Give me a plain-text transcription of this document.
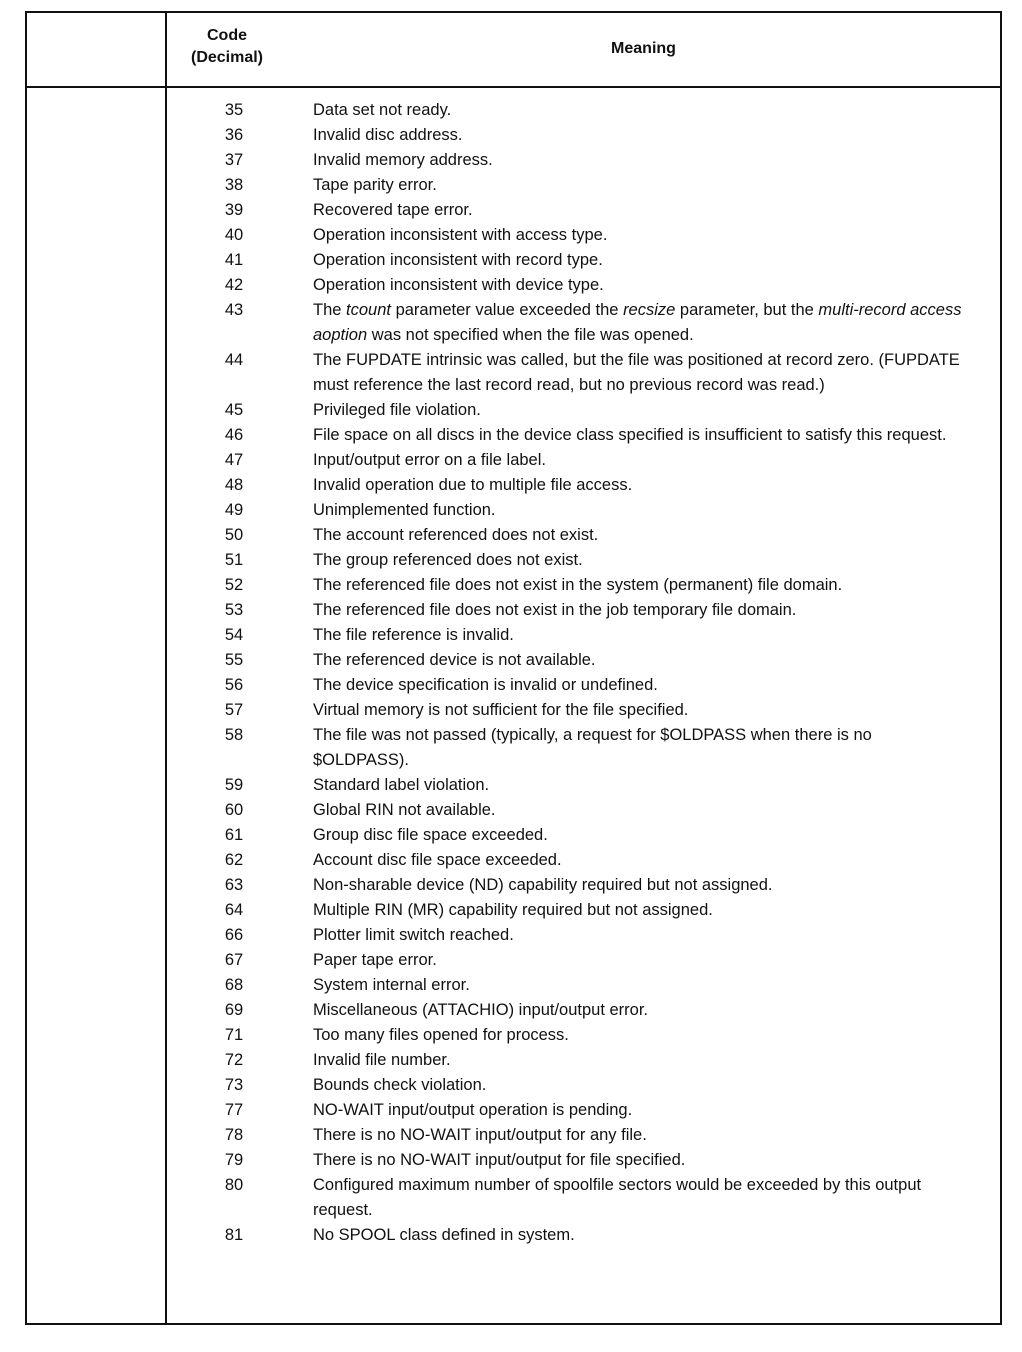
Code
(Decimal)
Meaning
35	Data set not ready.
36	Invalid disc address.
37	Invalid memory address.
38	Tape parity error.
39	Recovered tape error.
40	Operation inconsistent with access type.
41	Operation inconsistent with record type.
42	Operation inconsistent with device type.
43	The tcount parameter value exceeded the recsize parameter, but the multi-record access aoption was not specified when the file was opened.
44	The FUPDATE intrinsic was called, but the file was positioned at record zero. (FUPDATE must reference the last record read, but no previous record was read.)
45	Privileged file violation.
46	File space on all discs in the device class specified is insufficient to satisfy this request.
47	Input/output error on a file label.
48	Invalid operation due to multiple file access.
49	Unimplemented function.
50	The account referenced does not exist.
51	The group referenced does not exist.
52	The referenced file does not exist in the system (permanent) file domain.
53	The referenced file does not exist in the job temporary file domain.
54	The file reference is invalid.
55	The referenced device is not available.
56	The device specification is invalid or undefined.
57	Virtual memory is not sufficient for the file specified.
58	The file was not passed (typically, a request for $OLDPASS when there is no $OLDPASS).
59	Standard label violation.
60	Global RIN not available.
61	Group disc file space exceeded.
62	Account disc file space exceeded.
63	Non-sharable device (ND) capability required but not assigned.
64	Multiple RIN (MR) capability required but not assigned.
66	Plotter limit switch reached.
67	Paper tape error.
68	System internal error.
69	Miscellaneous (ATTACHIO) input/output error.
71	Too many files opened for process.
72	Invalid file number.
73	Bounds check violation.
77	NO-WAIT input/output operation is pending.
78	There is no NO-WAIT input/output for any file.
79	There is no NO-WAIT input/output for file specified.
80	Configured maximum number of spoolfile sectors would be exceeded by this output request.
81	No SPOOL class defined in system.
